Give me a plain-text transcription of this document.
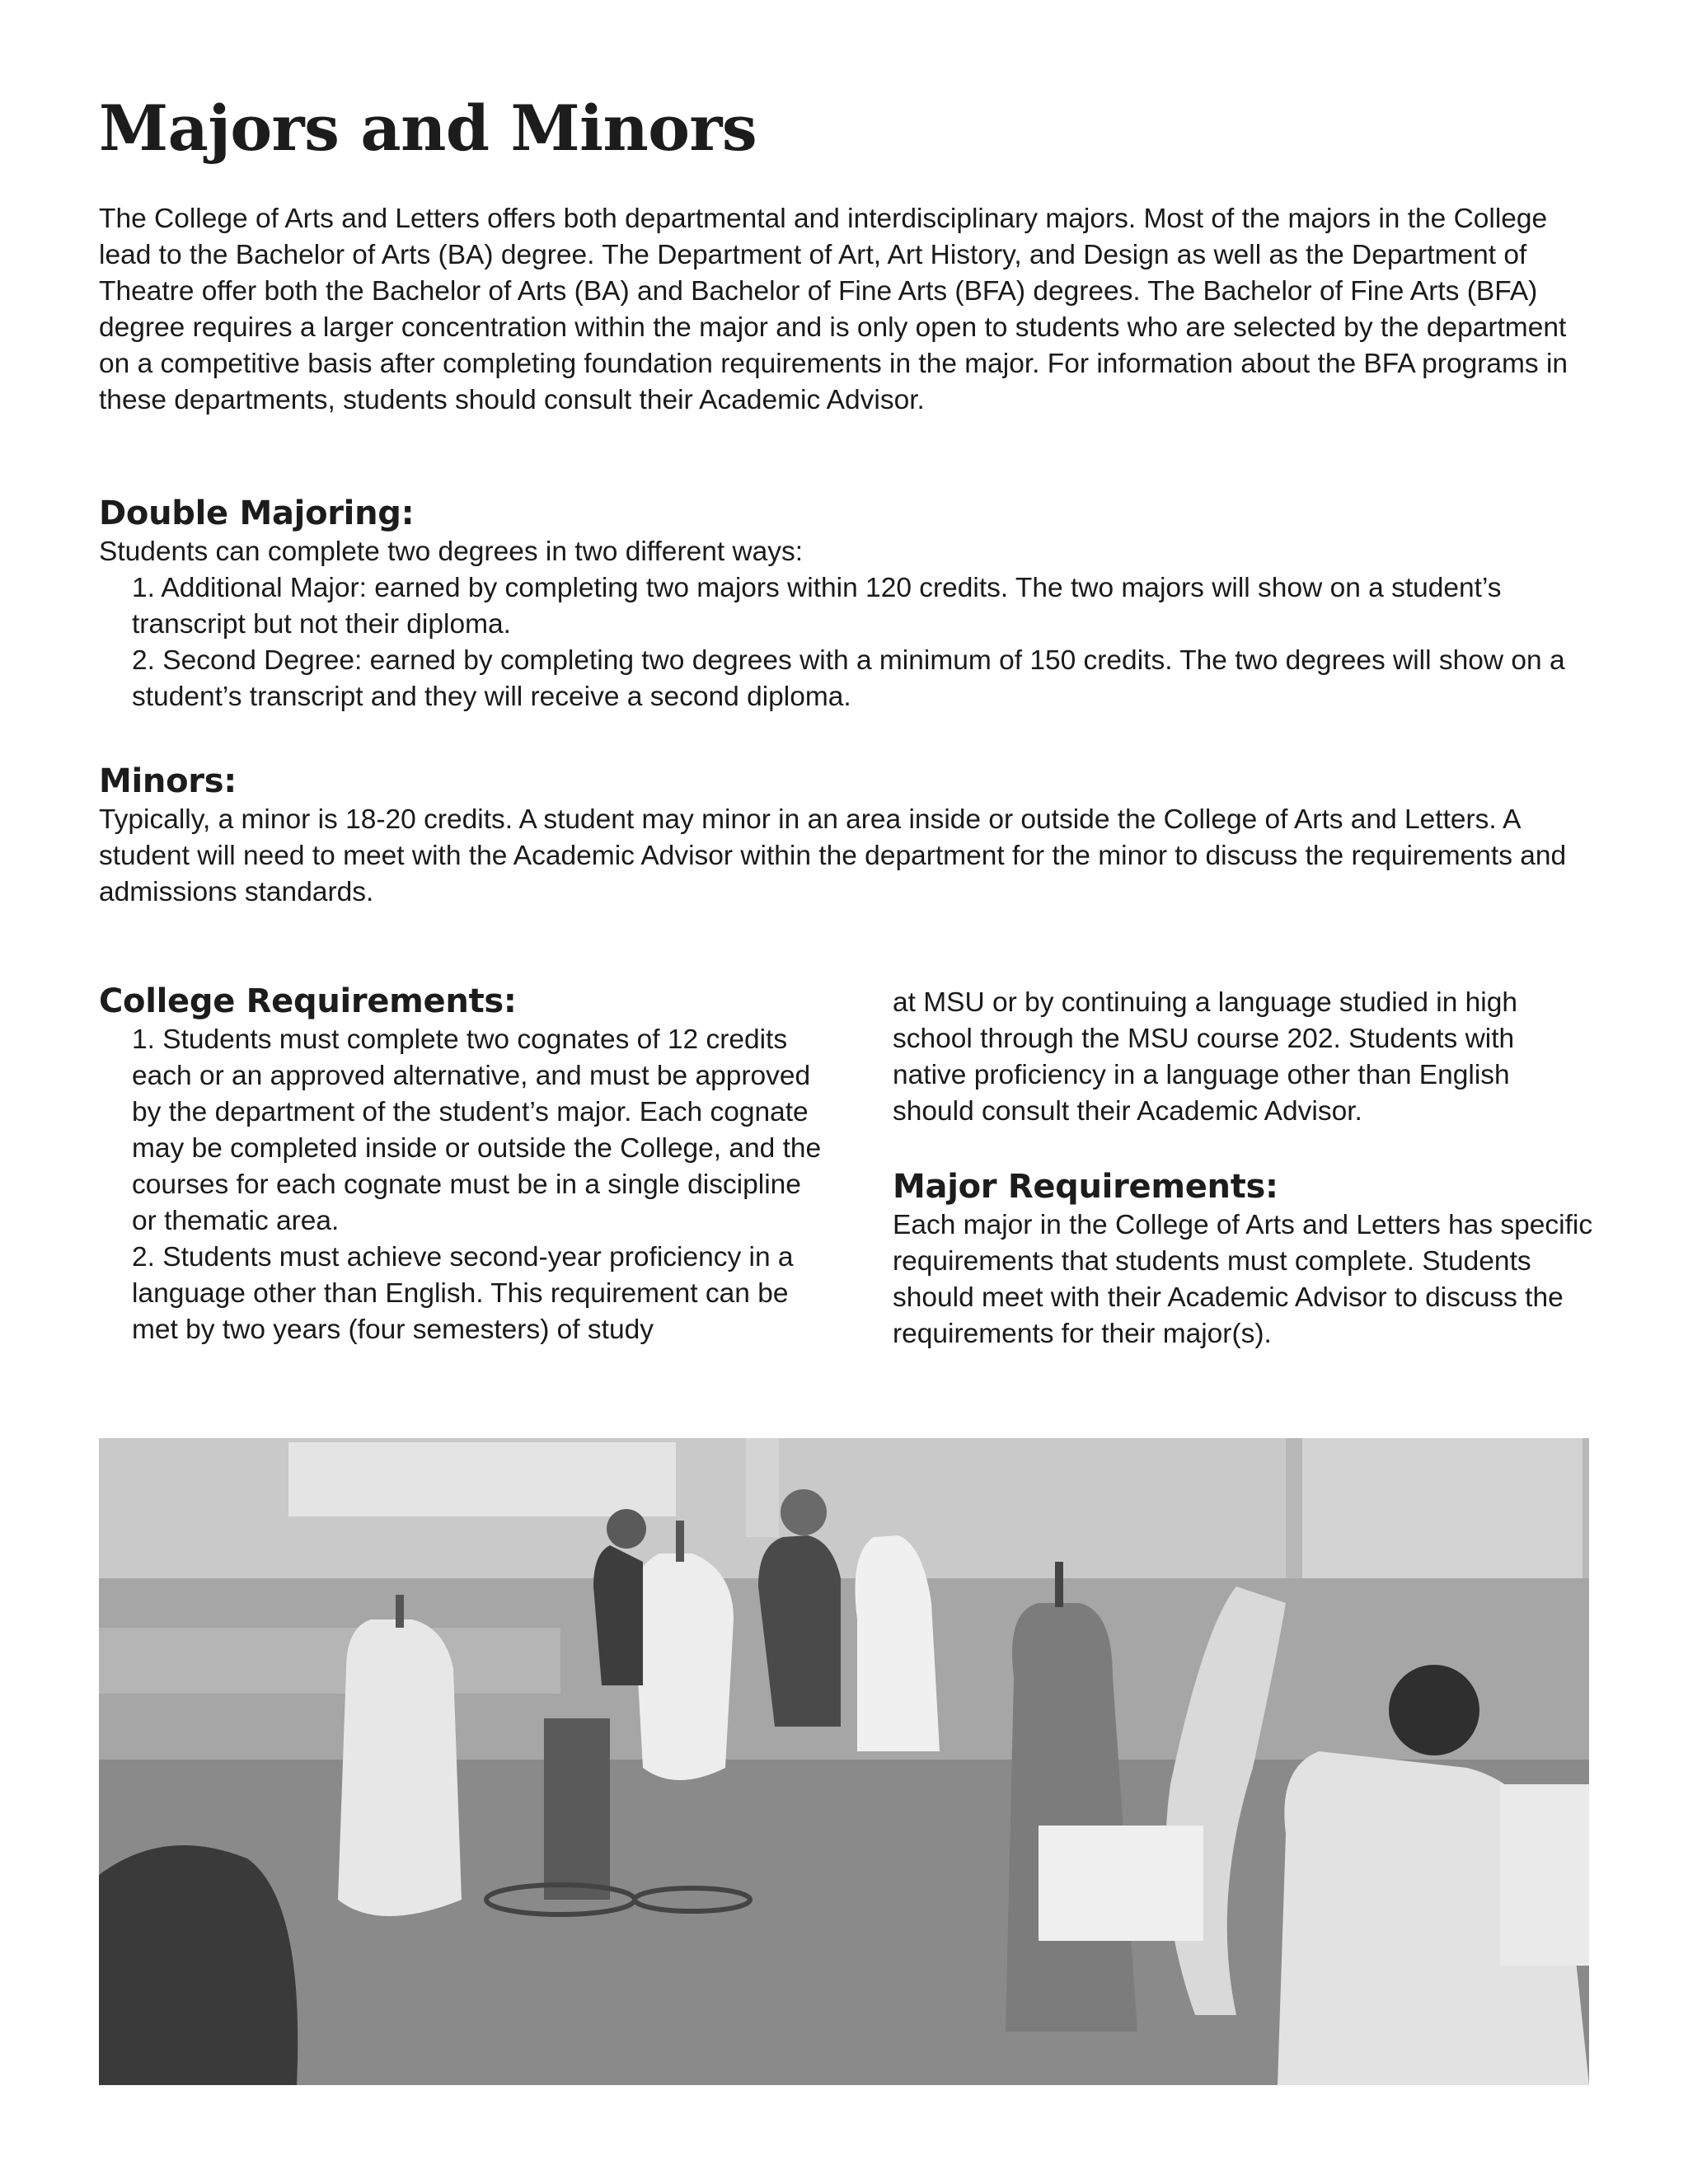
Majors and Minors

The College of Arts and Letters offers both departmental and interdisciplinary majors. Most of the majors in the College lead to the Bachelor of Arts (BA) degree. The Department of Art, Art History, and Design as well as the Department of Theatre offer both the Bachelor of Arts (BA) and Bachelor of Fine Arts (BFA) degrees. The Bachelor of Fine Arts (BFA) degree requires a larger concentration within the major and is only open to students who are selected by the department on a competitive basis after completing foundation requirements in the major. For information about the BFA programs in these departments, students should consult their Academic Advisor.

Double Majoring:

Students can complete two degrees in two different ways:

1. Additional Major: earned by completing two majors within 120 credits. The two majors will show on a student’s transcript but not their diploma.

2. Second Degree: earned by completing two degrees with a minimum of 150 credits. The two degrees will show on a student’s transcript and they will receive a second diploma.

Minors:

Typically, a minor is 18-20 credits. A student may minor in an area inside or outside the College of Arts and Letters. A student will need to meet with the Academic Advisor within the department for the minor to discuss the requirements and admissions standards.

College Requirements:

1. Students must complete two cognates of 12 credits each or an approved alternative, and must be approved by the department of the student’s major. Each cognate may be completed inside or outside the College, and the courses for each cognate must be in a single discipline or thematic area.

2. Students must achieve second-year proficiency in a language other than English. This requirement can be met by two years (four semesters) of study

at MSU or by continuing a language studied in high school through the MSU course 202. Students with native proficiency in a language other than English should consult their Academic Advisor.

Major Requirements:

Each major in the College of Arts and Letters has specific requirements that students must complete. Students should meet with their Academic Advisor to discuss the requirements for their major(s).
